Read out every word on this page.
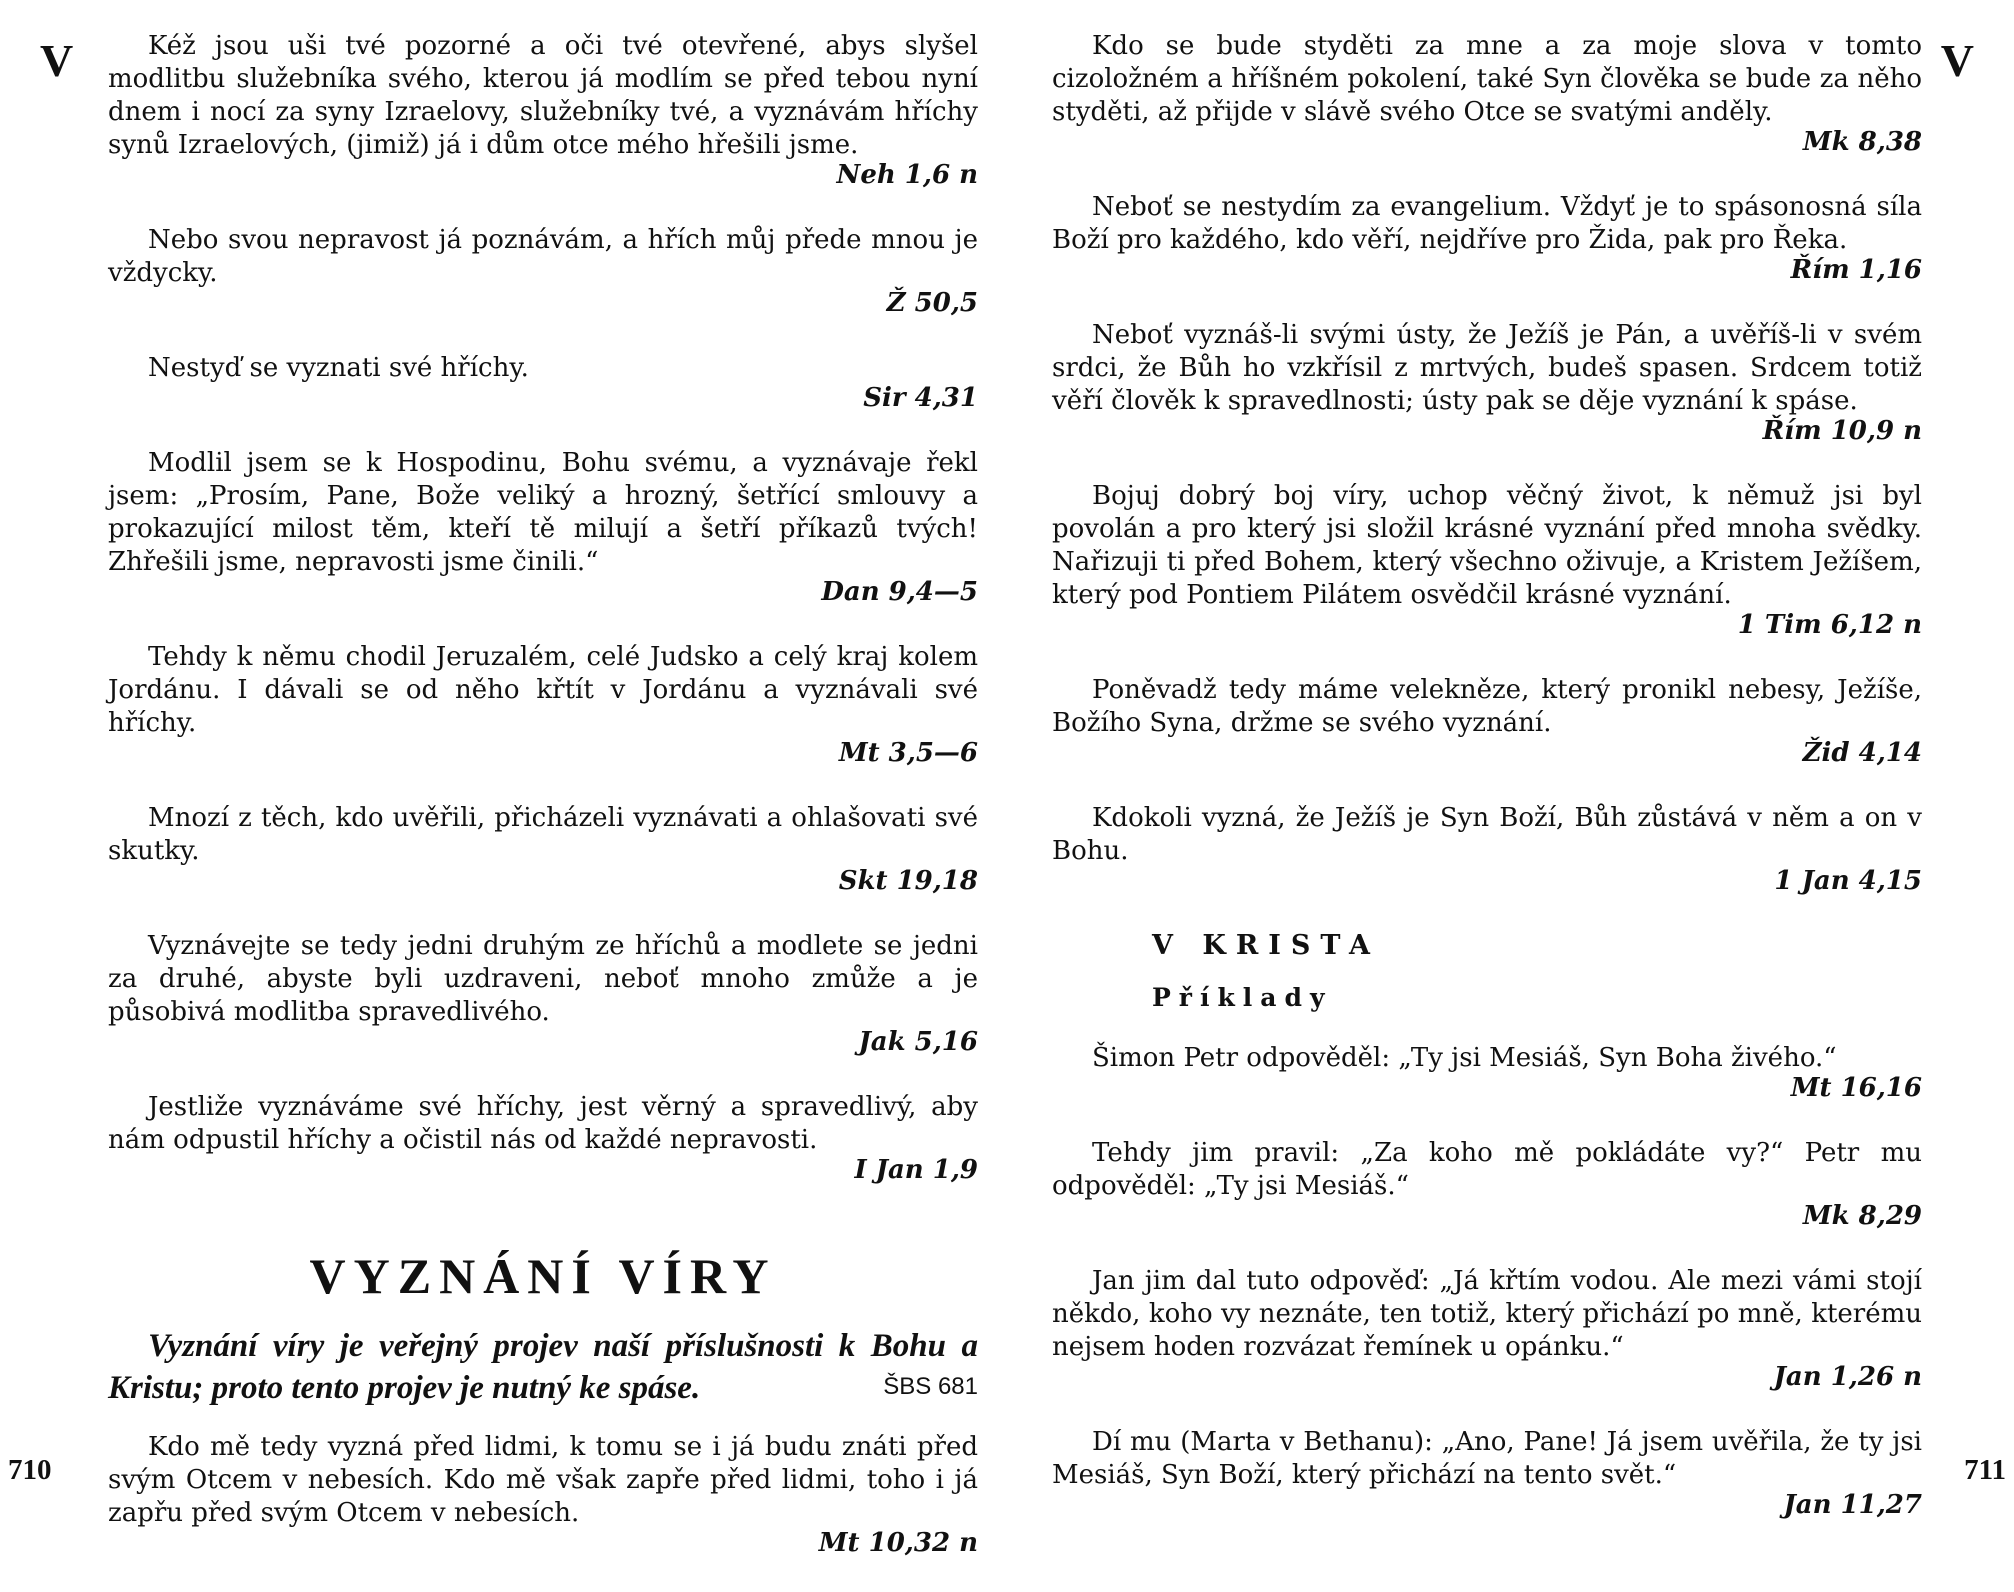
V	Kéž jsou uši tvé pozorné a oči tvé otevřené, abys slyšel modlitbu služebníka svého, kterou já modlím se před tebou nyní dnem i nocí za syny Izraelovy, služebníky tvé, a vyznávám hříchy synů Izraelových, (jimiž) já i dům otce mého hřešili jsme.

Neh 1,6 n

Nebo svou nepravost já poznávám, a hřích můj přede mnou je vždycky.

Ž 50,5

Nestyď se vyznati své hříchy.

Sir 4,31

Modlil jsem se k Hospodinu, Bohu svému, a vyznávaje řekl jsem: „Prosím, Pane, Bože veliký a hrozný, šetřící smlouvy a prokazující milost těm, kteří tě milují a šetří příkazů tvých! Zhřešili jsme, nepravosti jsme činili.“

Dan 9,4—5

Tehdy k němu chodil Jeruzalém, celé Judsko a celý kraj kolem Jordánu. I dávali se od něho křtít v Jordánu a vyznávali své hříchy.

Mt 3,5—6

Mnozí z těch, kdo uvěřili, přicházeli vyznávati a ohlašovati své skutky.

Skt 19,18

Vyznávejte se tedy jedni druhým ze hříchů a modlete se jedni za druhé, abyste byli uzdraveni, neboť mnoho zmůže a je působivá modlitba spravedlivého.

Jak 5,16

Jestliže vyznáváme své hříchy, jest věrný a spravedlivý, aby nám odpustil hříchy a očistil nás od každé nepravosti.

I Jan 1,9
VYZNÁNÍ VÍRY

Vyznání víry je veřejný projev naší příslušnosti k Bohu a Kristu; proto tento projev je nutný ke spáse.	ŠBS 681

Kdo mě tedy vyzná před lidmi, k tomu se i já budu znáti před svým Otcem v nebesích. Kdo mě však zapře před lidmi, toho i já zapřu před svým Otcem v nebesích.

Mt 10,32 n
710
V

Kdo se bude styděti za mne a za moje slova v tomto cizoložném a hříšném pokolení, také Syn člověka se bude za něho styděti, až přijde v slávě svého Otce se svatými anděly.

Mk 8,38

Neboť se nestydím za evangelium. Vždyť je to spásonosná síla Boží pro každého, kdo věří, nejdříve pro Žida, pak pro Řeka.

Řím 1,16

Neboť vyznáš-li svými ústy, že Ježíš je Pán, a uvěříš-li v svém srdci, že Bůh ho vzkřísil z mrtvých, budeš spasen. Srdcem totiž věří člověk k spravedlnosti; ústy pak se děje vyznání k spáse.

Řím 10,9 n

Bojuj dobrý boj víry, uchop věčný život, k němuž jsi byl povolán a pro který jsi složil krásné vyznání před mnoha svědky. Nařizuji ti před Bohem, který všechno oživuje, a Kristem Ježíšem, který pod Pontiem Pilátem osvědčil krásné vyznání.

1 Tim 6,12 n

Poněvadž tedy máme velekněze, který pronikl nebesy, Ježíše, Božího Syna, držme se svého vyznání.

Žid 4,14

Kdokoli vyzná, že Ježíš je Syn Boží, Bůh zůstává v něm a on v Bohu.

1 Jan 4,15
V KRISTA
Příklady

Šimon Petr odpověděl: „Ty jsi Mesiáš, Syn Boha živého.“

Mt 16,16

Tehdy jim pravil: „Za koho mě pokládáte vy?“ Petr mu odpověděl: „Ty jsi Mesiáš.“

Mk 8,29

Jan jim dal tuto odpověď: „Já křtím vodou. Ale mezi vámi stojí někdo, koho vy neznáte, ten totiž, který přichází po mně, kterému nejsem hoden rozvázat řemínek u opánku.“

Jan 1,26 n

Dí mu (Marta v Bethanu): „Ano, Pane! Já jsem uvěřila, že ty jsi Mesiáš, Syn Boží, který přichází na tento svět.“

Jan 11,27
711
